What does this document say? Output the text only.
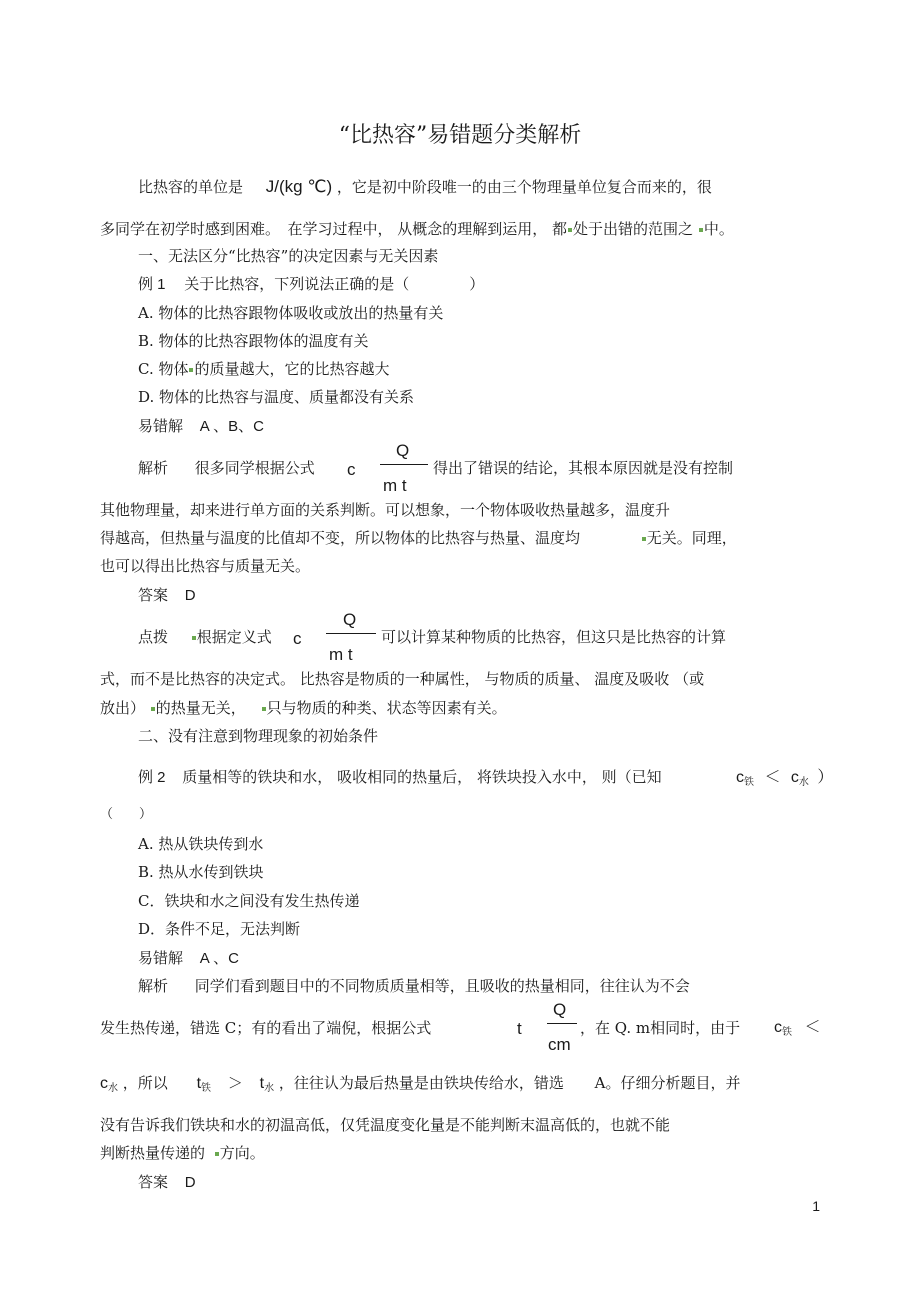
“比热容”易错题分类解析
比热容的单位是 J/(kg ℃) ，它是初中阶段唯一的由三个物理量单位复合而来的，很
多同学在初学时感到困难。　在学习过程中， 从概念的理解到运用， 都 处于出错的范围之 中。
一、无法区分“比热容”的决定因素与无关因素
例 1 关于比热容，下列说法正确的是（　　　　）
A. 物体的比热容跟物体吸收或放出的热量有关
B. 物体的比热容跟物体的温度有关
C. 物体 的质量越大，它的比热容越大
D. 物体的比热容与温度、质量都没有关系
易错解 A 、B、C
解析 很多同学根据公式 c
Q
m t
得出了错误的结论，其根本原因就是没有控制
其他物理量，却来进行单方面的关系判断。可以想象，一个物体吸收热量越多，温度升
得越高，但热量与温度的比值却不变，所以物体的比热容与热量、温度均	无关。同理，
也可以得出比热容与质量无关。
答案 D
点拨 根据定义式 c
Q
m t
可以计算某种物质的比热容，但这只是比热容的计算
式，而不是比热容的决定式。 比热容是物质的一种属性， 与物质的质量、 温度及吸收 （或
放出） 的热量无关， 只与物质的种类、状态等因素有关。
二、没有注意到物理现象的初始条件
例 2 质量相等的铁块和水， 吸收相同的热量后， 将铁块投入水中， 则（已知	$c_铁 < c_水$ ）
（　　）
A. 热从铁块传到水
B. 热从水传到铁块
C．铁块和水之间没有发生热传递
D．条件不足，无法判断
易错解 A 、C
解析 同学们看到题目中的不同物质质量相等，且吸收的热量相同，往往认为不会
发生热传递，错选 C；有的看出了端倪，根据公式	t
Q
cm
，在 Q. m相同时，由于 $c_铁$ ＜
$c_水$ ，所以 $t_铁 > t_水$ ，往往认为最后热量是由铁块传给水，错选 A。仔细分析题目，并
没有告诉我们铁块和水的初温高低，仅凭温度变化量是不能判断末温高低的，也就不能
判断热量传递的 方向。
答案 D
1
